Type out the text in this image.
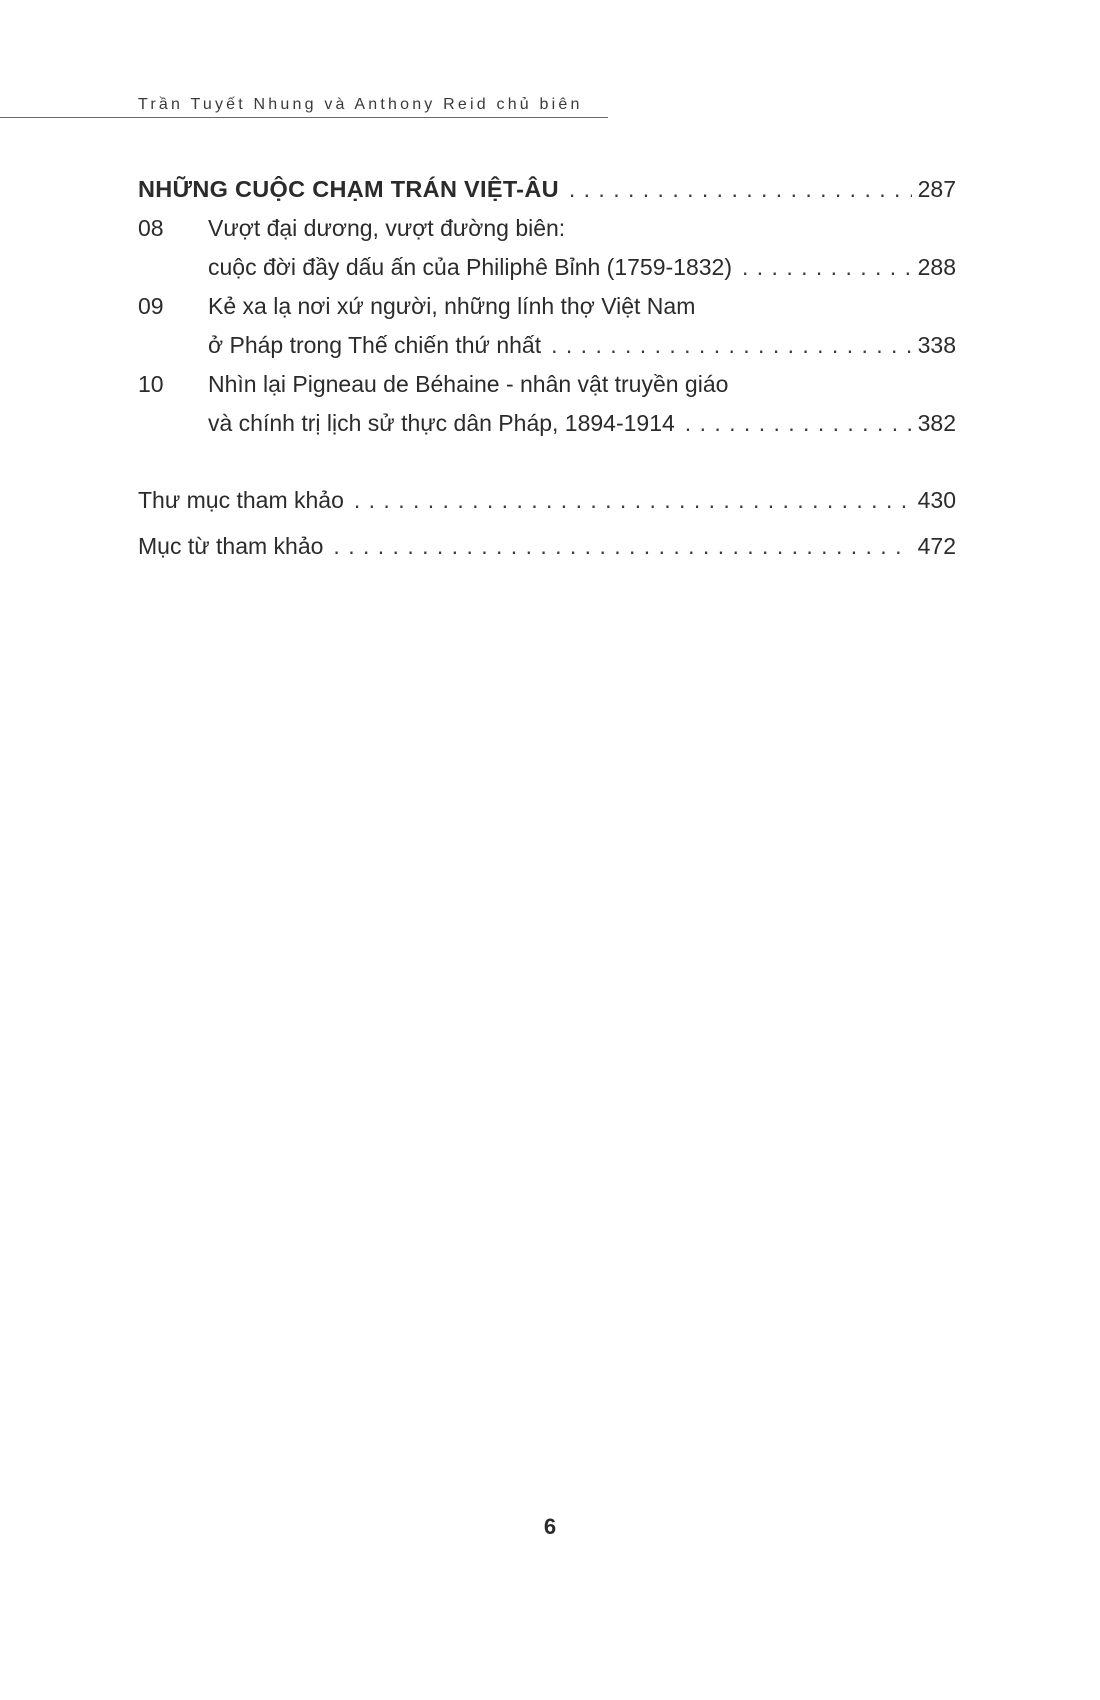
Trần Tuyết Nhung và Anthony Reid chủ biên
NHỮNG CUỘC CHẠM TRÁN VIỆT-ÂU . . .	287
08	Vượt đại dương, vượt đường biên:
cuộc đời đầy dấu ấn của Philiphê Bỉnh (1759-1832) . . .	288
09	Kẻ xa lạ nơi xứ người, những lính thợ Việt Nam
ở Pháp trong Thế chiến thứ nhất . . .	338
10	Nhìn lại Pigneau de Béhaine - nhân vật truyền giáo
và chính trị lịch sử thực dân Pháp, 1894-1914 . . .	382
Thư mục tham khảo . . .	430
Mục từ tham khảo . . .	472
6
